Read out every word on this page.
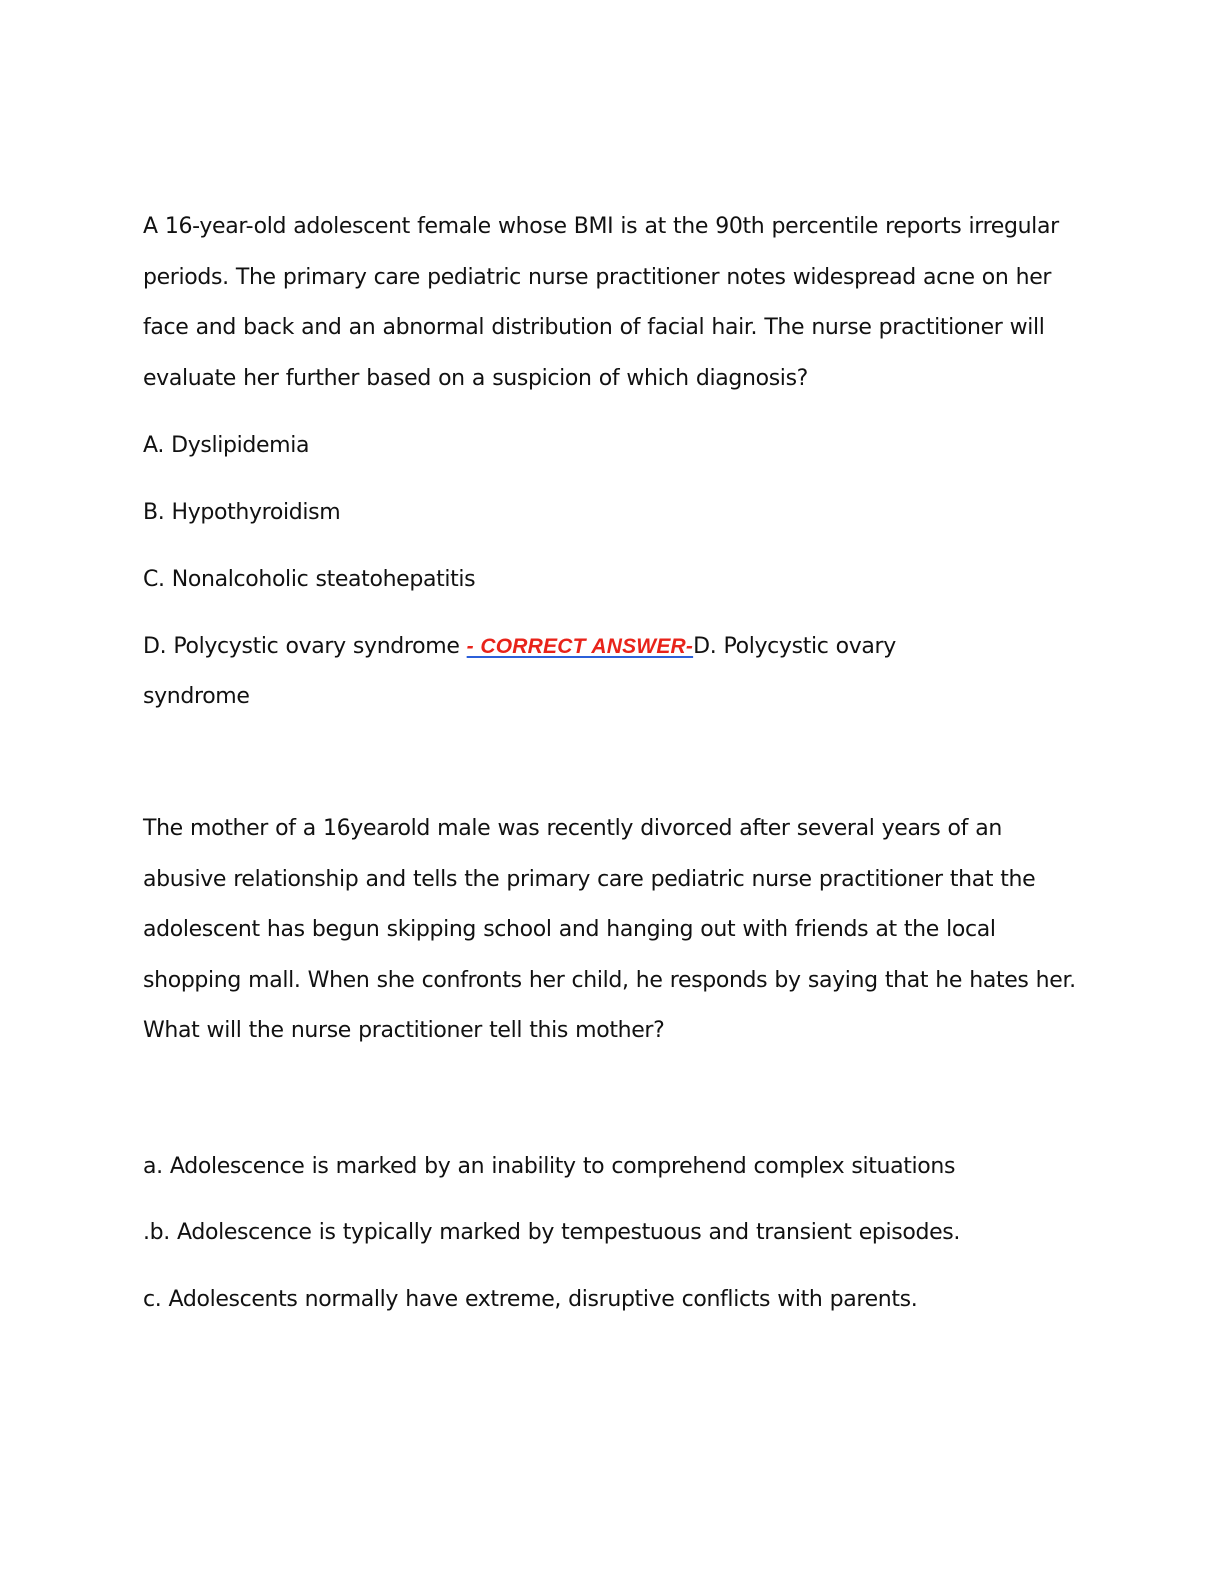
A 16-year-old adolescent female whose BMI is at the 90th percentile reports irregular periods. The primary care pediatric nurse practitioner notes widespread acne on her face and back and an abnormal distribution of facial hair. The nurse practitioner will evaluate her further based on a suspicion of which diagnosis?

A. Dyslipidemia

B. Hypothyroidism

C. Nonalcoholic steatohepatitis

D. Polycystic ovary syndrome - CORRECT ANSWER-D. Polycystic ovary

syndrome

The mother of a 16yearold male was recently divorced after several years of an abusive relationship and tells the primary care pediatric nurse practitioner that the adolescent has begun skipping school and hanging out with friends at the local shopping mall. When she confronts her child, he responds by saying that he hates her. What will the nurse practitioner tell this mother?

a. Adolescence is marked by an inability to comprehend complex situations

.b. Adolescence is typically marked by tempestuous and transient episodes.

c. Adolescents normally have extreme, disruptive conflicts with parents.
